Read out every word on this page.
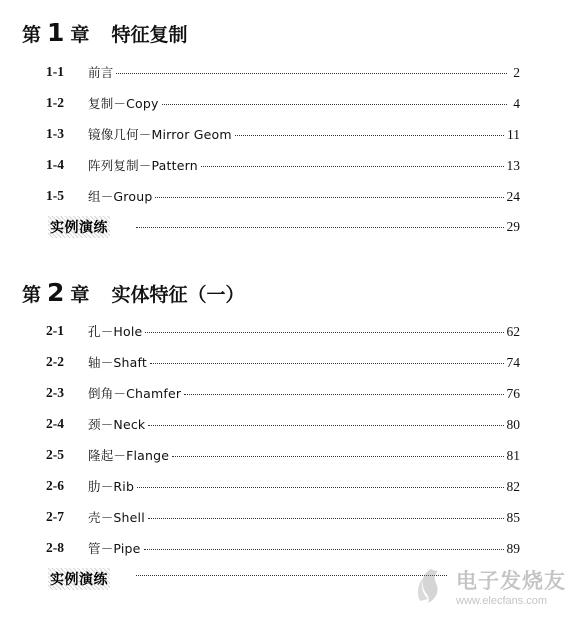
第 1 章 特征复制
1-1 前言	2
1-2 复制－Copy	4
1-3 镜像几何－Mirror Geom	11
1-4 阵列复制－Pattern	13
1-5 组－Group	24
实例演练	29
第 2 章 实体特征（一）
2-1 孔－Hole	62
2-2 轴－Shaft	74
2-3 倒角－Chamfer	76
2-4 颈－Neck	80
2-5 隆起－Flange	81
2-6 肋－Rib	82
2-7 壳－Shell	85
2-8 管－Pipe	89
实例演练	电子发烧友
www.elecfans.com
